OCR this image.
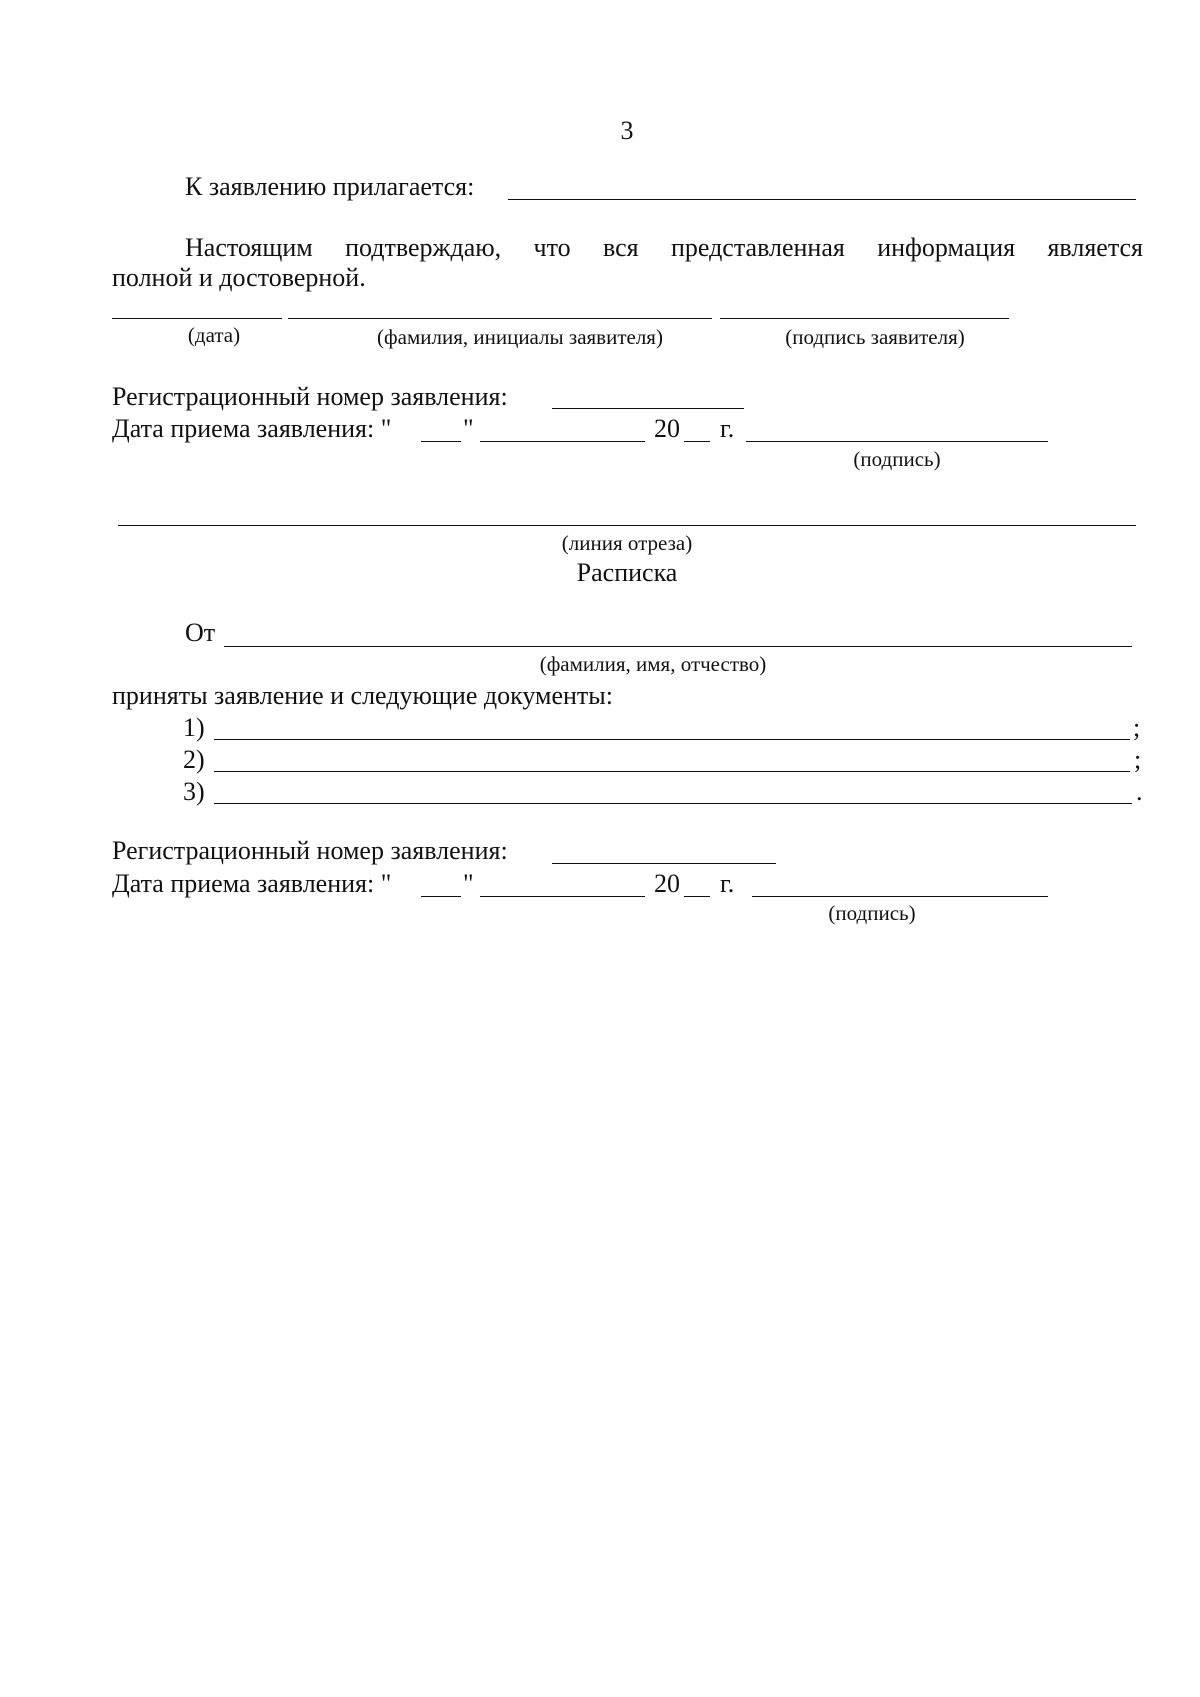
3
К заявлению прилагается:
Настоящим подтверждаю, что вся представленная информация является
полной и достоверной.
(дата)	(фамилия, инициалы заявителя)	(подпись заявителя)
Регистрационный номер заявления:
Дата приема заявления: "	"	20 г.
(подпись)
(линия отреза)
Расписка
От
(фамилия, имя, отчество)
приняты заявление и следующие документы:
1)	;
2)	;
3)	.
Регистрационный номер заявления:
Дата приема заявления: "	"	20 г.
(подпись)
